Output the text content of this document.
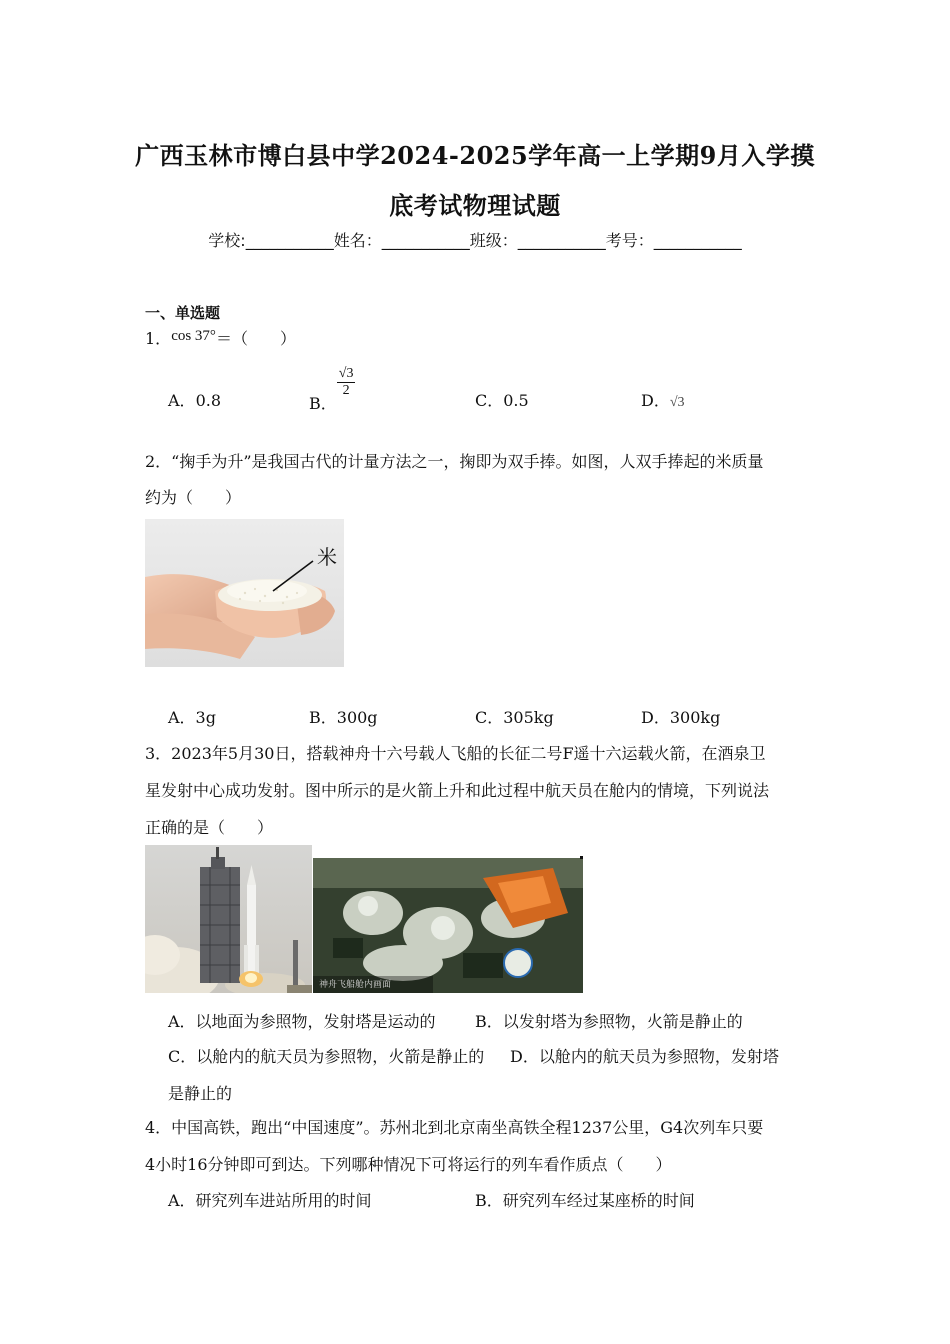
广西玉林市博白县中学2024-2025学年高一上学期9月入学摸
底考试物理试题
学校:___________姓名：___________班级：___________考号：___________
一、单选题
1．cos 37°＝（　　）
A．0.8	B．
$\frac{√3}{2}$
C．0.5	D．√3
2．“掬手为升”是我国古代的计量方法之一，掬即为双手捧。如图，人双手捧起的米质量
约为（　　）
米
A．3g	B．300g	C．305kg	D．300kg
3．2023年5月30日，搭载神舟十六号载人飞船的长征二号F遥十六运载火箭，在酒泉卫
星发射中心成功发射。图中所示的是火箭上升和此过程中航天员在舱内的情境，下列说法
正确的是（　　）
神舟飞船舱内画面
A．以地面为参照物，发射塔是运动的 B．以发射塔为参照物，火箭是静止的
C．以舱内的航天员为参照物，火箭是静止的 D．以舱内的航天员为参照物，发射塔
是静止的
4．中国高铁，跑出“中国速度”。苏州北到北京南坐高铁全程1237公里，G4次列车只要
4小时16分钟即可到达。下列哪种情况下可将运行的列车看作质点（　　）
A．研究列车进站所用的时间	B．研究列车经过某座桥的时间
